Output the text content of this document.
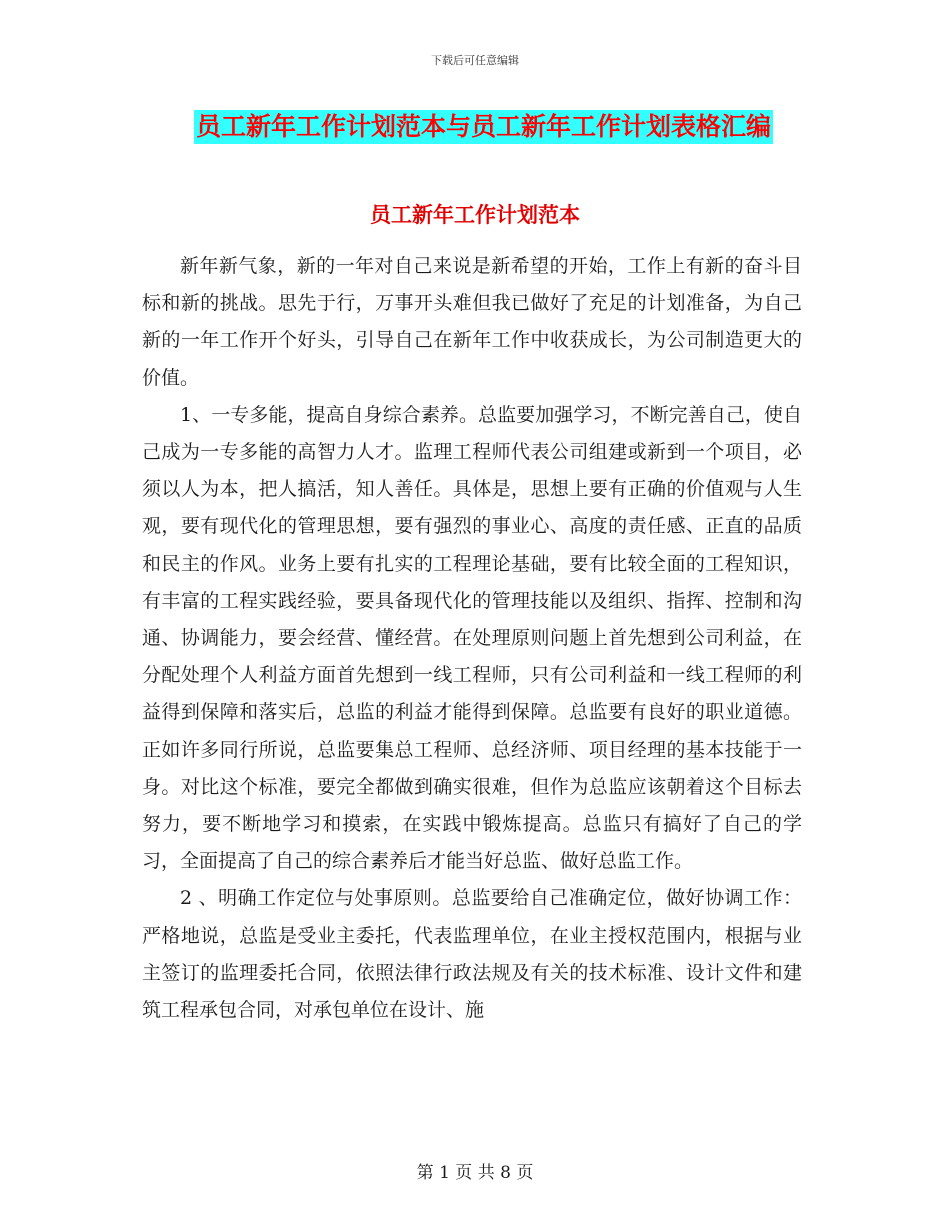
下载后可任意编辑
员工新年工作计划范本与员工新年工作计划表格汇编
员工新年工作计划范本

新年新气象，新的一年对自己来说是新希望的开始，工作上有新的奋斗目标和新的挑战。思先于行，万事开头难但我已做好了充足的计划准备，为自己新的一年工作开个好头，引导自己在新年工作中收获成长，为公司制造更大的价值。

1、一专多能，提高自身综合素养。总监要加强学习，不断完善自己，使自己成为一专多能的高智力人才。监理工程师代表公司组建或新到一个项目，必须以人为本，把人搞活，知人善任。具体是，思想上要有正确的价值观与人生观，要有现代化的管理思想，要有强烈的事业心、高度的责任感、正直的品质和民主的作风。业务上要有扎实的工程理论基础，要有比较全面的工程知识，有丰富的工程实践经验，要具备现代化的管理技能以及组织、指挥、控制和沟通、协调能力，要会经营、懂经营。在处理原则问题上首先想到公司利益，在分配处理个人利益方面首先想到一线工程师，只有公司利益和一线工程师的利益得到保障和落实后，总监的利益才能得到保障。总监要有良好的职业道德。正如许多同行所说，总监要集总工程师、总经济师、项目经理的基本技能于一身。对比这个标准，要完全都做到确实很难，但作为总监应该朝着这个目标去努力，要不断地学习和摸索，在实践中锻炼提高。总监只有搞好了自己的学习，全面提高了自己的综合素养后才能当好总监、做好总监工作。

2 、明确工作定位与处事原则。总监要给自己准确定位，做好协调工作：严格地说，总监是受业主委托，代表监理单位，在业主授权范围内，根据与业主签订的监理委托合同，依照法律行政法规及有关的技术标准、设计文件和建筑工程承包合同，对承包单位在设计、施

第 1 页 共 8 页
